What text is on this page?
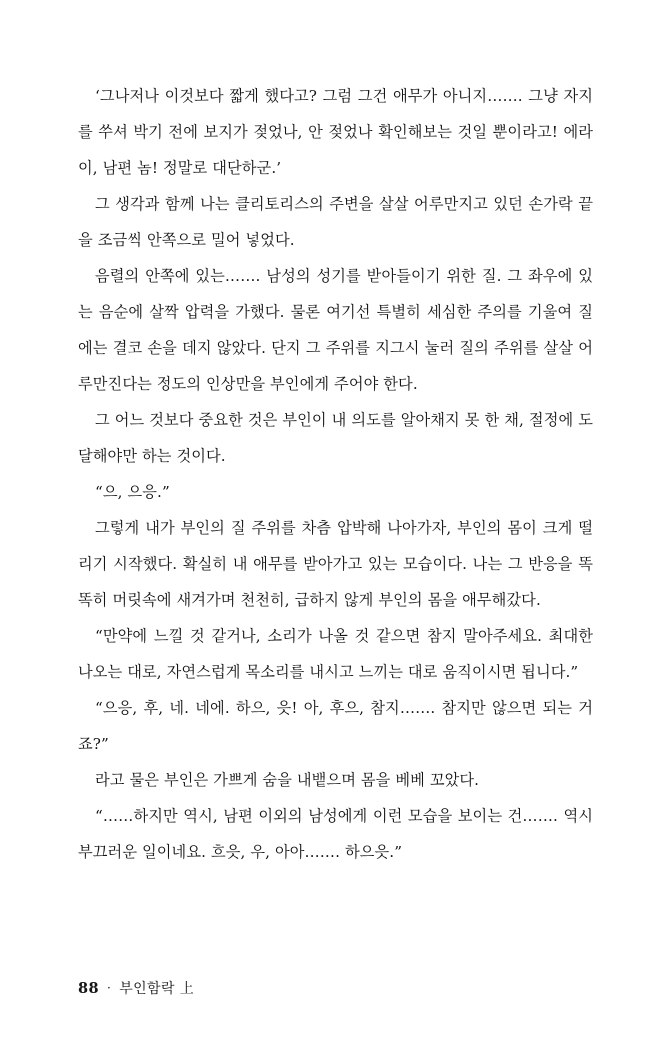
‘그나저나 이것보다 짧게 했다고? 그럼 그건 애무가 아니지……. 그냥 자지를 쑤셔 박기 전에 보지가 젖었나, 안 젖었나 확인해보는 것일 뿐이라고! 에라이, 남편 놈! 정말로 대단하군.’

그 생각과 함께 나는 클리토리스의 주변을 살살 어루만지고 있던 손가락 끝을 조금씩 안쪽으로 밀어 넣었다.

음렬의 안쪽에 있는……. 남성의 성기를 받아들이기 위한 질. 그 좌우에 있는 음순에 살짝 압력을 가했다. 물론 여기선 특별히 세심한 주의를 기울여 질에는 결코 손을 데지 않았다. 단지 그 주위를 지그시 눌러 질의 주위를 살살 어루만진다는 정도의 인상만을 부인에게 주어야 한다.

그 어느 것보다 중요한 것은 부인이 내 의도를 알아채지 못 한 채, 절정에 도달해야만 하는 것이다.

“으, 으응.”

그렇게 내가 부인의 질 주위를 차츰 압박해 나아가자, 부인의 몸이 크게 떨리기 시작했다. 확실히 내 애무를 받아가고 있는 모습이다. 나는 그 반응을 똑똑히 머릿속에 새겨가며 천천히, 급하지 않게 부인의 몸을 애무해갔다.

“만약에 느낄 것 같거나, 소리가 나올 것 같으면 참지 말아주세요. 최대한 나오는 대로, 자연스럽게 목소리를 내시고 느끼는 대로 움직이시면 됩니다.”

“으응, 후, 네. 네에. 하으, 읏! 아, 후으, 참지……. 참지만 않으면 되는 거죠?”

라고 물은 부인은 가쁘게 숨을 내뱉으며 몸을 베베 꼬았다.

“……하지만 역시, 남편 이외의 남성에게 이런 모습을 보이는 건……. 역시 부끄러운 일이네요. 흐읏, 우, 아아……. 하으읏.”

88 · 부인함락 上
